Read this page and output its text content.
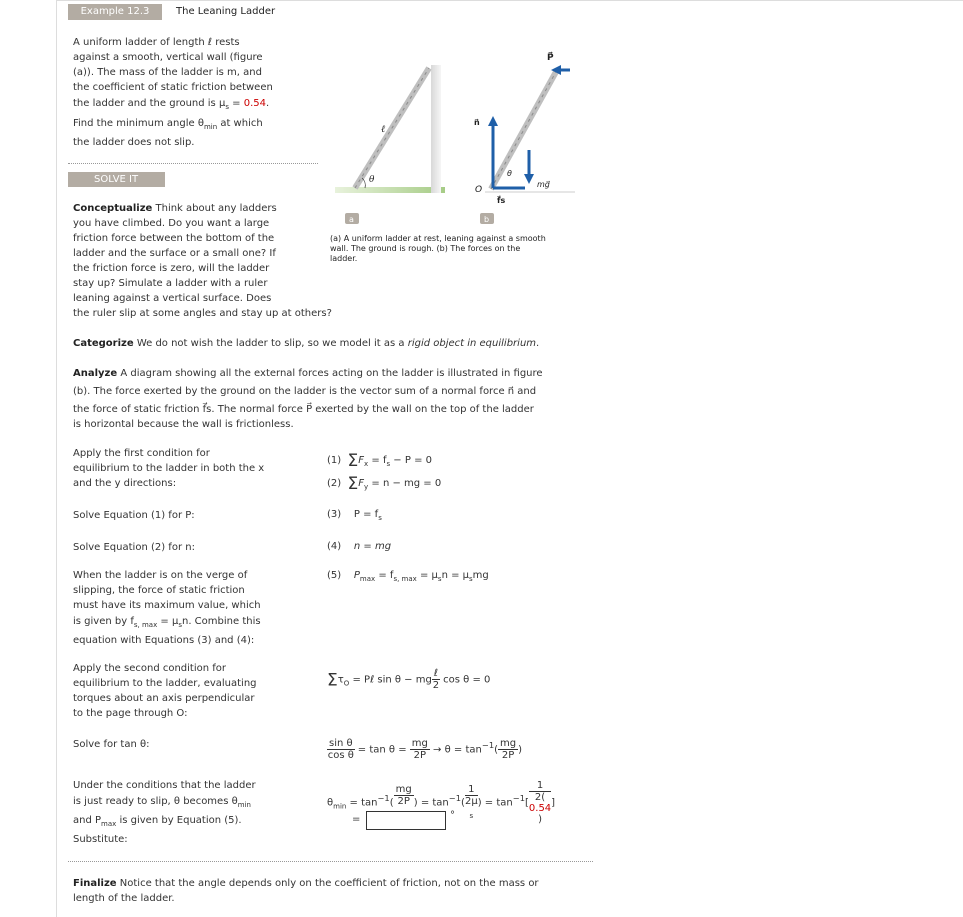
Example 12.3	The Leaning Ladder
A uniform ladder of length ℓ rests
against a smooth, vertical wall (figure
(a)). The mass of the ladder is m, and
the coefficient of static friction between
the ladder and the ground is $\mu_s = 0.54$.
Find the minimum angle $\theta_{min}$ at which
the ladder does not slip.
SOLVE IT	θ
ℓ
n⃗
P⃗
O
mg⃗
f⃗s
θ
a	b
(a) A uniform ladder at rest, leaning against a smooth
wall. The ground is rough. (b) The forces on the
ladder.
Conceptualize Think about any ladders
you have climbed. Do you want a large
friction force between the bottom of the
ladder and the surface or a small one? If
the friction force is zero, will the ladder
stay up? Simulate a ladder with a ruler
leaning against a vertical surface. Does
the ruler slip at some angles and stay up at others?
Categorize We do not wish the ladder to slip, so we model it as a rigid object in equilibrium.
Analyze A diagram showing all the external forces acting on the ladder is illustrated in figure
(b). The force exerted by the ground on the ladder is the vector sum of a normal force n⃗ and
the force of static friction f⃗s. The normal force P⃗ exerted by the wall on the top of the ladder
is horizontal because the wall is frictionless.
Apply the first condition for
equilibrium to the ladder in both the x
and the y directions:
Solve Equation (1) for P:
Solve Equation (2) for n:
When the ladder is on the verge of
slipping, the force of static friction
must have its maximum value, which
is given by $f_{s, max} = \mu_sn$. Combine this
equation with Equations (3) and (4):
Apply the second condition for
equilibrium to the ladder, evaluating
torques about an axis perpendicular
to the page through O:
Solve for tan θ:
Under the conditions that the ladder
is just ready to slip, θ becomes $\theta_{min}$
and $P_{max}$ is given by Equation (5).
Substitute:
(1) $\Sigma F_x = f_s - P = 0$
(2) $\Sigma F_y = n$ − mg = 0
(3) $P = f_s$
(4) n = mg
(5) $P_{max} = f_{s, max} = \mu_sn = \mu_smg$
$\Sigma\tau_O$ = Pℓ sin θ − mg $\frac{\text{ℓ}}{2}$ cos θ = 0
$\frac{\text{sin θ}}{\text{cos θ}} = \tan \theta = \frac{mg}{2P} \to \theta = \tan^{-1}( \frac{mg}{2P}$ )
$\theta_{min} = \tan^{-1}( \frac{mg}{2P}$ ) = $\tan^{-1}$( 1
2μ
$_s$ ) = $\tan^{-1}$[ 1
2(
0.54
) ]
=	°
Finalize Notice that the angle depends only on the coefficient of friction, not on the mass or
length of the ladder.
